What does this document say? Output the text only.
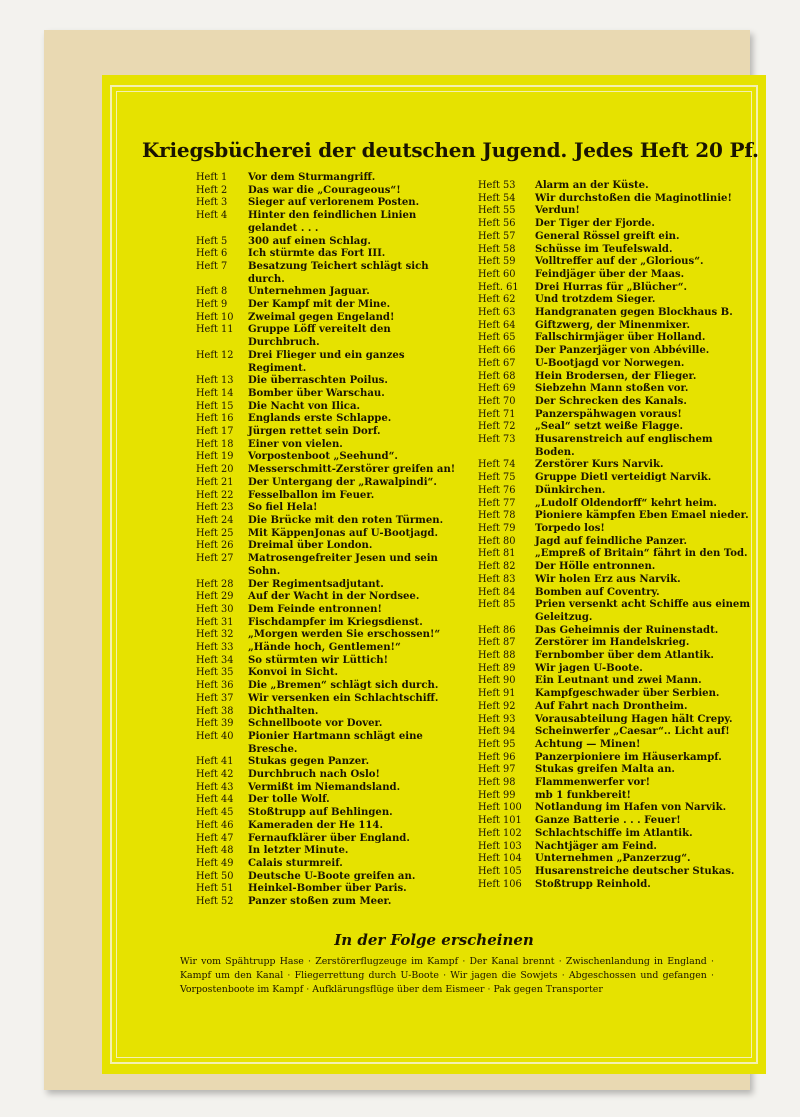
Kriegsbücherei der deutschen Jugend. Jedes Heft 20 Pf.
Heft 1	Vor dem Sturmangriff.
Heft 2	Das war die „Courageous“!
Heft 3	Sieger auf verlorenem Posten.
Heft 4	Hinter den feindlichen Linien gelandet . . .
Heft 5	300 auf einen Schlag.
Heft 6	Ich stürmte das Fort III.
Heft 7	Besatzung Teichert schlägt sich durch.
Heft 8	Unternehmen Jaguar.
Heft 9	Der Kampf mit der Mine.
Heft 10	Zweimal gegen Engeland!
Heft 11	Gruppe Löff vereitelt den Durchbruch.
Heft 12	Drei Flieger und ein ganzes Regiment.
Heft 13	Die überraschten Poilus.
Heft 14	Bomber über Warschau.
Heft 15	Die Nacht von Ilica.
Heft 16	Englands erste Schlappe.
Heft 17	Jürgen rettet sein Dorf.
Heft 18	Einer von vielen.
Heft 19	Vorpostenboot „Seehund“.
Heft 20	Messerschmitt-Zerstörer greifen an!
Heft 21	Der Untergang der „Rawalpindi“.
Heft 22	Fesselballon im Feuer.
Heft 23	So fiel Hela!
Heft 24	Die Brücke mit den roten Türmen.
Heft 25	Mit KäppenJonas auf U-Bootjagd.
Heft 26	Dreimal über London.
Heft 27	Matrosengefreiter Jesen und sein Sohn.
Heft 28	Der Regimentsadjutant.
Heft 29	Auf der Wacht in der Nordsee.
Heft 30	Dem Feinde entronnen!
Heft 31	Fischdampfer im Kriegsdienst.
Heft 32	„Morgen werden Sie erschossen!“
Heft 33	„Hände hoch, Gentlemen!“
Heft 34	So stürmten wir Lüttich!
Heft 35	Konvoi in Sicht.
Heft 36	Die „Bremen“ schlägt sich durch.
Heft 37	Wir versenken ein Schlachtschiff.
Heft 38	Dichthalten.
Heft 39	Schnellboote vor Dover.
Heft 40	Pionier Hartmann schlägt eine Bresche.
Heft 41	Stukas gegen Panzer.
Heft 42	Durchbruch nach Oslo!
Heft 43	Vermißt im Niemandsland.
Heft 44	Der tolle Wolf.
Heft 45	Stoßtrupp auf Behlingen.
Heft 46	Kameraden der He 114.
Heft 47	Fernaufklärer über England.
Heft 48	In letzter Minute.
Heft 49	Calais sturmreif.
Heft 50	Deutsche U-Boote greifen an.
Heft 51	Heinkel-Bomber über Paris.
Heft 52	Panzer stoßen zum Meer.
Heft 53	Alarm an der Küste.
Heft 54	Wir durchstoßen die Maginotlinie!
Heft 55	Verdun!
Heft 56	Der Tiger der Fjorde.
Heft 57	General Rössel greift ein.
Heft 58	Schüsse im Teufelswald.
Heft 59	Volltreffer auf der „Glorious“.
Heft 60	Feindjäger über der Maas.
Heft. 61	Drei Hurras für „Blücher“.
Heft 62	Und trotzdem Sieger.
Heft 63	Handgranaten gegen Blockhaus B.
Heft 64	Giftzwerg, der Minenmixer.
Heft 65	Fallschirmjäger über Holland.
Heft 66	Der Panzerjäger von Abbéville.
Heft 67	U-Bootjagd vor Norwegen.
Heft 68	Hein Brodersen, der Flieger.
Heft 69	Siebzehn Mann stoßen vor.
Heft 70	Der Schrecken des Kanals.
Heft 71	Panzerspähwagen voraus!
Heft 72	„Seal“ setzt weiße Flagge.
Heft 73	Husarenstreich auf englischem Boden.
Heft 74	Zerstörer Kurs Narvik.
Heft 75	Gruppe Dietl verteidigt Narvik.
Heft 76	Dünkirchen.
Heft 77	„Ludolf Oldendorff“ kehrt heim.
Heft 78	Pioniere kämpfen Eben Emael nieder.
Heft 79	Torpedo los!
Heft 80	Jagd auf feindliche Panzer.
Heft 81	„Empreß of Britain“ fährt in den Tod.
Heft 82	Der Hölle entronnen.
Heft 83	Wir holen Erz aus Narvik.
Heft 84	Bomben auf Coventry.
Heft 85	Prien versenkt acht Schiffe aus einem Geleitzug.
Heft 86	Das Geheimnis der Ruinenstadt.
Heft 87	Zerstörer im Handelskrieg.
Heft 88	Fernbomber über dem Atlantik.
Heft 89	Wir jagen U-Boote.
Heft 90	Ein Leutnant und zwei Mann.
Heft 91	Kampfgeschwader über Serbien.
Heft 92	Auf Fahrt nach Drontheim.
Heft 93	Vorausabteilung Hagen hält Crepy.
Heft 94	Scheinwerfer „Caesar“.. Licht auf!
Heft 95	Achtung — Minen!
Heft 96	Panzerpioniere im Häuserkampf.
Heft 97	Stukas greifen Malta an.
Heft 98	Flammenwerfer vor!
Heft 99	mb 1 funkbereit!
Heft 100	Notlandung im Hafen von Narvik.
Heft 101	Ganze Batterie . . . Feuer!
Heft 102	Schlachtschiffe im Atlantik.
Heft 103	Nachtjäger am Feind.
Heft 104	Unternehmen „Panzerzug“.
Heft 105	Husarenstreiche deutscher Stukas.
Heft 106	Stoßtrupp Reinhold.
In der Folge erscheinen
Wir vom Spähtrupp Hase · Zerstörerflugzeuge im Kampf · Der Kanal brennt · Zwischenlandung in England · Kampf um den Kanal · Fliegerrettung durch U-Boote · Wir jagen die Sowjets · Abgeschossen und gefangen · Vorpostenboote im Kampf · Aufklärungsflüge über dem Eismeer · Pak gegen Transporter
